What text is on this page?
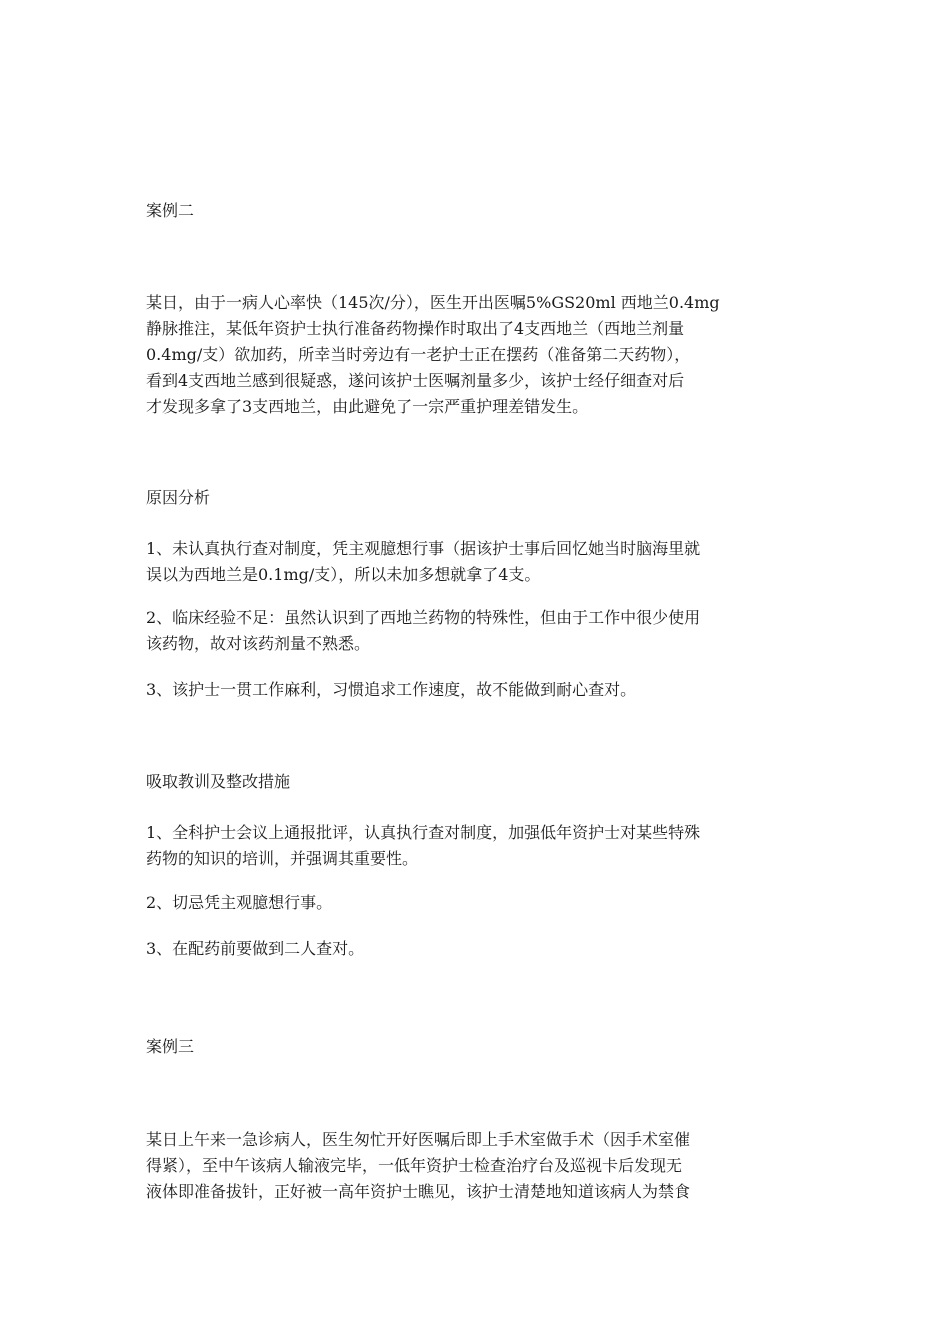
案例二
某日，由于一病人心率快（145次/分），医生开出医嘱5%GS20ml 西地兰0.4mg
静脉推注，某低年资护士执行准备药物操作时取出了4支西地兰（西地兰剂量
0.4mg/支）欲加药，所幸当时旁边有一老护士正在摆药（准备第二天药物），
看到4支西地兰感到很疑惑，遂问该护士医嘱剂量多少，该护士经仔细查对后
才发现多拿了3支西地兰，由此避免了一宗严重护理差错发生。
原因分析
1、未认真执行查对制度，凭主观臆想行事（据该护士事后回忆她当时脑海里就
误以为西地兰是0.1mg/支），所以未加多想就拿了4支。
2、临床经验不足：虽然认识到了西地兰药物的特殊性，但由于工作中很少使用
该药物，故对该药剂量不熟悉。
3、该护士一贯工作麻利，习惯追求工作速度，故不能做到耐心查对。
吸取教训及整改措施
1、全科护士会议上通报批评，认真执行查对制度，加强低年资护士对某些特殊
药物的知识的培训，并强调其重要性。
2、切忌凭主观臆想行事。
3、在配药前要做到二人查对。
案例三
某日上午来一急诊病人，医生匆忙开好医嘱后即上手术室做手术（因手术室催
得紧），至中午该病人输液完毕，一低年资护士检查治疗台及巡视卡后发现无
液体即准备拔针，正好被一高年资护士瞧见，该护士清楚地知道该病人为禁食
